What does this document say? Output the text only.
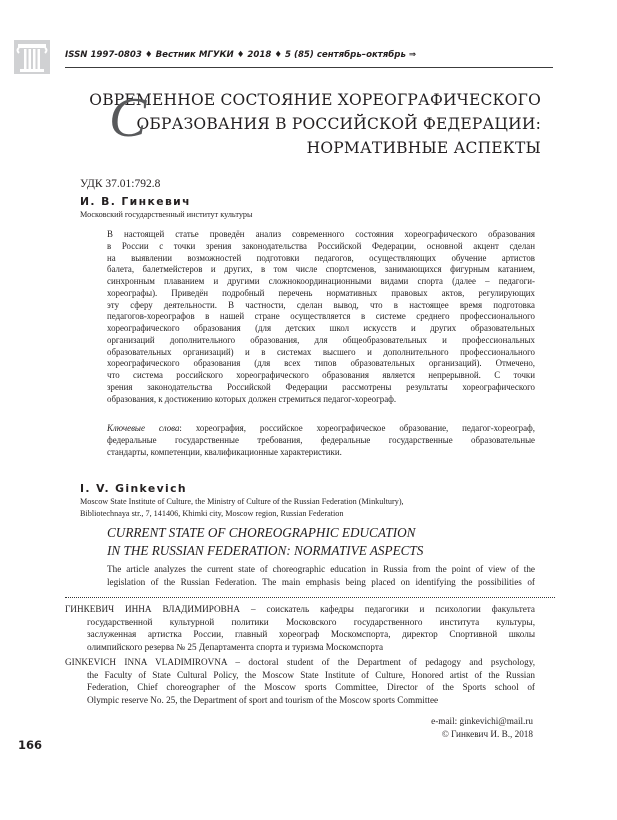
ISSN 1997-0803 ♦ Вестник МГУКИ ♦ 2018 ♦ 5 (85) сентябрь–октябрь ⇒
С
ОВРЕМЕННОЕ СОСТОЯНИЕ ХОРЕОГРАФИЧЕСКОГО
ОБРАЗОВАНИЯ В РОССИЙСКОЙ ФЕДЕРАЦИИ:
НОРМАТИВНЫЕ АСПЕКТЫ
УДК 37.01:792.8
И. В. Гинкевич
Московский государственный институт культуры
В настоящей статье проведён анализ современного состояния хореографического образования
в России с точки зрения законодательства Российской Федерации, основной акцент сделан
на выявлении возможностей подготовки педагогов, осуществляющих обучение артистов
балета, балетмейстеров и других, в том числе спортсменов, занимающихся фигурным катанием,
синхронным плаванием и другими сложнокоординационными видами спорта (далее – педагоги-
хореографы). Приведён подробный перечень нормативных правовых актов, регулирующих
эту сферу деятельности. В частности, сделан вывод, что в настоящее время подготовка
педагогов-хореографов в нашей стране осуществляется в системе среднего профессионального
хореографического образования (для детских школ искусств и других образовательных
организаций дополнительного образования, для общеобразовательных и профессиональных
образовательных организаций) и в системах высшего и дополнительного профессионального
хореографического образования (для всех типов образовательных организаций). Отмечено,
что система российского хореографического образования является непрерывной. С точки
зрения законодательства Российской Федерации рассмотрены результаты хореографического
образования, к достижению которых должен стремиться педагог-хореограф.
Ключевые слова: хореография, российское хореографическое образование, педагог-хореограф,
федеральные государственные требования, федеральные государственные образовательные
стандарты, компетенции, квалификационные характеристики.
I. V. Ginkevich
Moscow State Institute of Culture, the Ministry of Culture of the Russian Federation (Minkultury),
Bibliotechnaya str., 7, 141406, Khimki city, Moscow region, Russian Federation
CURRENT STATE OF CHOREOGRAPHIC EDUCATION
IN THE RUSSIAN FEDERATION: NORMATIVE ASPECTS
The article analyzes the current state of choreographic education in Russia from the point of view of the
legislation of the Russian Federation. The main emphasis being placed on identifying the possibilities of
ГИНКЕВИЧ ИННА ВЛАДИМИРОВНА – соискатель кафедры педагогики и психологии факультета
государственной культурной политики Московского государственного института культуры,
заслуженная артистка России, главный хореограф Москомспорта, директор Спортивной школы
олимпийского резерва № 25 Департамента спорта и туризма Москомспорта
GINKEVICH INNA VLADIMIROVNA – doctoral student of the Department of pedagogy and psychology,
the Faculty of State Cultural Policy, the Moscow State Institute of Culture, Honored artist of the Russian
Federation, Chief choreographer of the Moscow sports Committee, Director of the Sports school of
Olympic reserve No. 25, the Department of sport and tourism of the Moscow sports Committee
e-mail: ginkevichi@mail.ru
© Гинкевич И. В., 2018
166
